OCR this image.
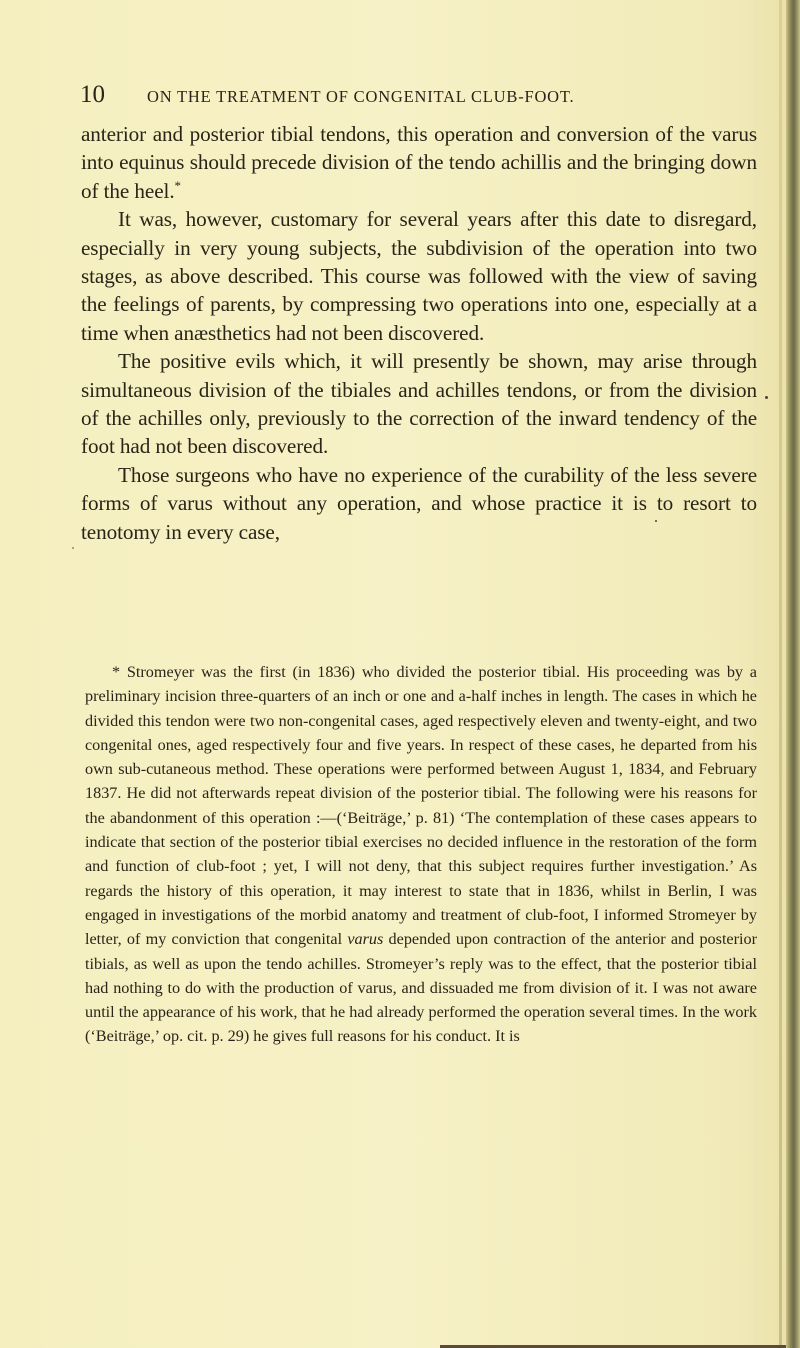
10	ON THE TREATMENT OF CONGENITAL CLUB-FOOT.

anterior and posterior tibial tendons, this operation and conversion of the varus into equinus should precede division of the tendo achillis and the bringing down of the heel.*

It was, however, customary for several years after this date to disregard, especially in very young subjects, the subdivision of the operation into two stages, as above described. This course was followed with the view of saving the feelings of parents, by compressing two operations into one, especially at a time when anæsthetics had not been discovered.

The positive evils which, it will presently be shown, may arise through simultaneous division of the tibiales and achilles tendons, or from the division of the achilles only, previously to the correction of the inward tendency of the foot had not been discovered.

Those surgeons who have no experience of the curability of the less severe forms of varus without any operation, and whose practice it is to resort to tenotomy in every case,

* Stromeyer was the first (in 1836) who divided the posterior tibial. His proceeding was by a preliminary incision three-quarters of an inch or one and a-half inches in length. The cases in which he divided this tendon were two non-congenital cases, aged respectively eleven and twenty-eight, and two congenital ones, aged respectively four and five years. In respect of these cases, he departed from his own sub-cutaneous method. These operations were performed between August 1, 1834, and February 1837. He did not afterwards repeat division of the posterior tibial. The following were his reasons for the abandonment of this operation :—(‘Beiträge,’ p. 81) ‘The contemplation of these cases appears to indicate that section of the posterior tibial exercises no decided influence in the restoration of the form and function of club-foot ; yet, I will not deny, that this subject requires further investigation.’ As regards the history of this operation, it may interest to state that in 1836, whilst in Berlin, I was engaged in investigations of the morbid anatomy and treatment of club-foot, I informed Stromeyer by letter, of my conviction that congenital varus depended upon contraction of the anterior and posterior tibials, as well as upon the tendo achilles. Stromeyer’s reply was to the effect, that the posterior tibial had nothing to do with the production of varus, and dissuaded me from division of it. I was not aware until the appearance of his work, that he had already performed the operation several times. In the work (‘Beiträge,’ op. cit. p. 29) he gives full reasons for his conduct. It is
